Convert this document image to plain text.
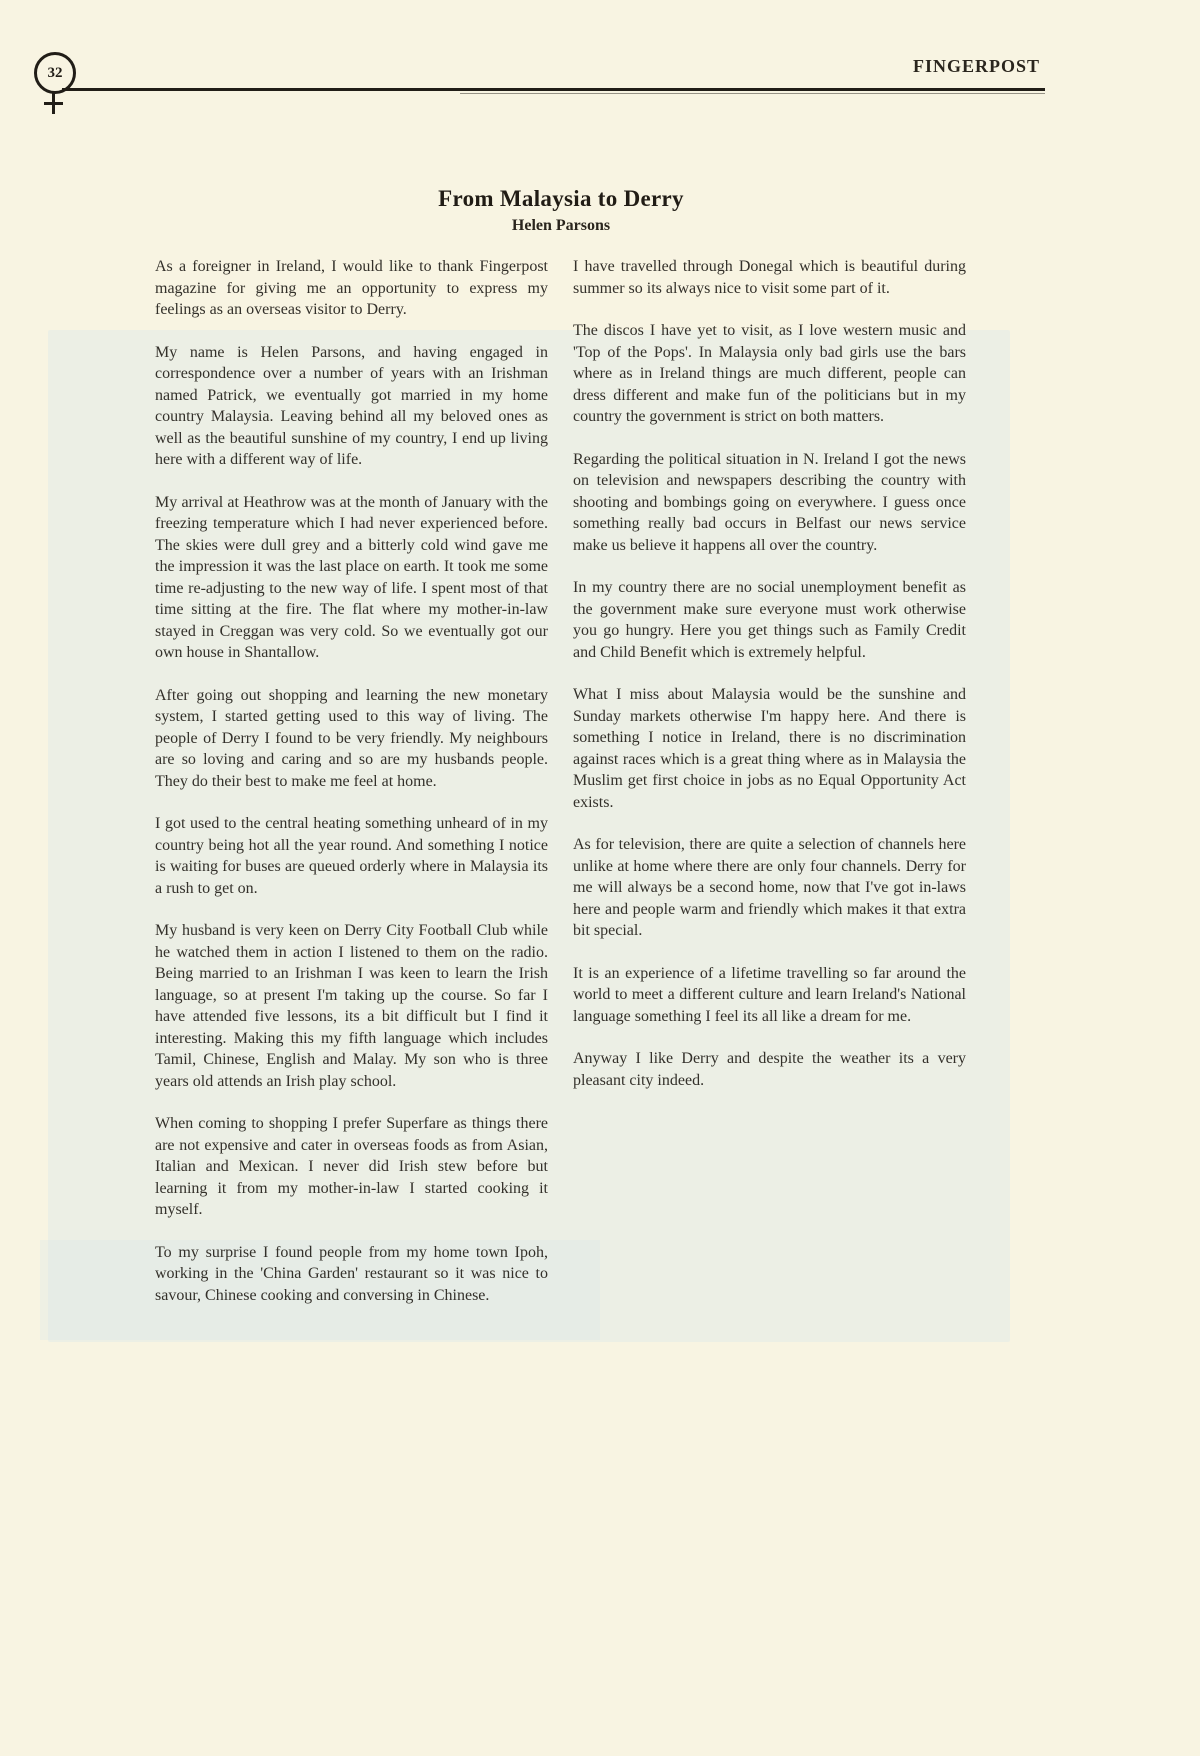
32	FINGERPOST
From Malaysia to Derry
Helen Parsons

As a foreigner in Ireland, I would like to thank Fingerpost magazine for giving me an opportunity to express my feelings as an overseas visitor to Derry.

My name is Helen Parsons, and having engaged in correspondence over a number of years with an Irishman named Patrick, we eventually got married in my home country Malaysia. Leaving behind all my beloved ones as well as the beautiful sunshine of my country, I end up living here with a different way of life.

My arrival at Heathrow was at the month of January with the freezing temperature which I had never experienced before. The skies were dull grey and a bitterly cold wind gave me the impression it was the last place on earth. It took me some time re-adjusting to the new way of life. I spent most of that time sitting at the fire. The flat where my mother-in-law stayed in Creggan was very cold. So we eventually got our own house in Shantallow.

After going out shopping and learning the new monetary system, I started getting used to this way of living. The people of Derry I found to be very friendly. My neighbours are so loving and caring and so are my husbands people. They do their best to make me feel at home.

I got used to the central heating something unheard of in my country being hot all the year round. And something I notice is waiting for buses are queued orderly where in Malaysia its a rush to get on.

My husband is very keen on Derry City Football Club while he watched them in action I listened to them on the radio. Being married to an Irishman I was keen to learn the Irish language, so at present I'm taking up the course. So far I have attended five lessons, its a bit difficult but I find it interesting. Making this my fifth language which includes Tamil, Chinese, English and Malay. My son who is three years old attends an Irish play school.

When coming to shopping I prefer Superfare as things there are not expensive and cater in overseas foods as from Asian, Italian and Mexican. I never did Irish stew before but learning it from my mother-in-law I started cooking it myself.

To my surprise I found people from my home town Ipoh, working in the 'China Garden' restaurant so it was nice to savour, Chinese cooking and conversing in Chinese.

I have travelled through Donegal which is beautiful during summer so its always nice to visit some part of it.

The discos I have yet to visit, as I love western music and 'Top of the Pops'. In Malaysia only bad girls use the bars where as in Ireland things are much different, people can dress different and make fun of the politicians but in my country the government is strict on both matters.

Regarding the political situation in N. Ireland I got the news on television and newspapers describing the country with shooting and bombings going on everywhere. I guess once something really bad occurs in Belfast our news service make us believe it happens all over the country.

In my country there are no social unemployment benefit as the government make sure everyone must work otherwise you go hungry. Here you get things such as Family Credit and Child Benefit which is extremely helpful.

What I miss about Malaysia would be the sunshine and Sunday markets otherwise I'm happy here. And there is something I notice in Ireland, there is no discrimination against races which is a great thing where as in Malaysia the Muslim get first choice in jobs as no Equal Opportunity Act exists.

As for television, there are quite a selection of channels here unlike at home where there are only four channels. Derry for me will always be a second home, now that I've got in-laws here and people warm and friendly which makes it that extra bit special.

It is an experience of a lifetime travelling so far around the world to meet a different culture and learn Ireland's National language something I feel its all like a dream for me.

Anyway I like Derry and despite the weather its a very pleasant city indeed.
